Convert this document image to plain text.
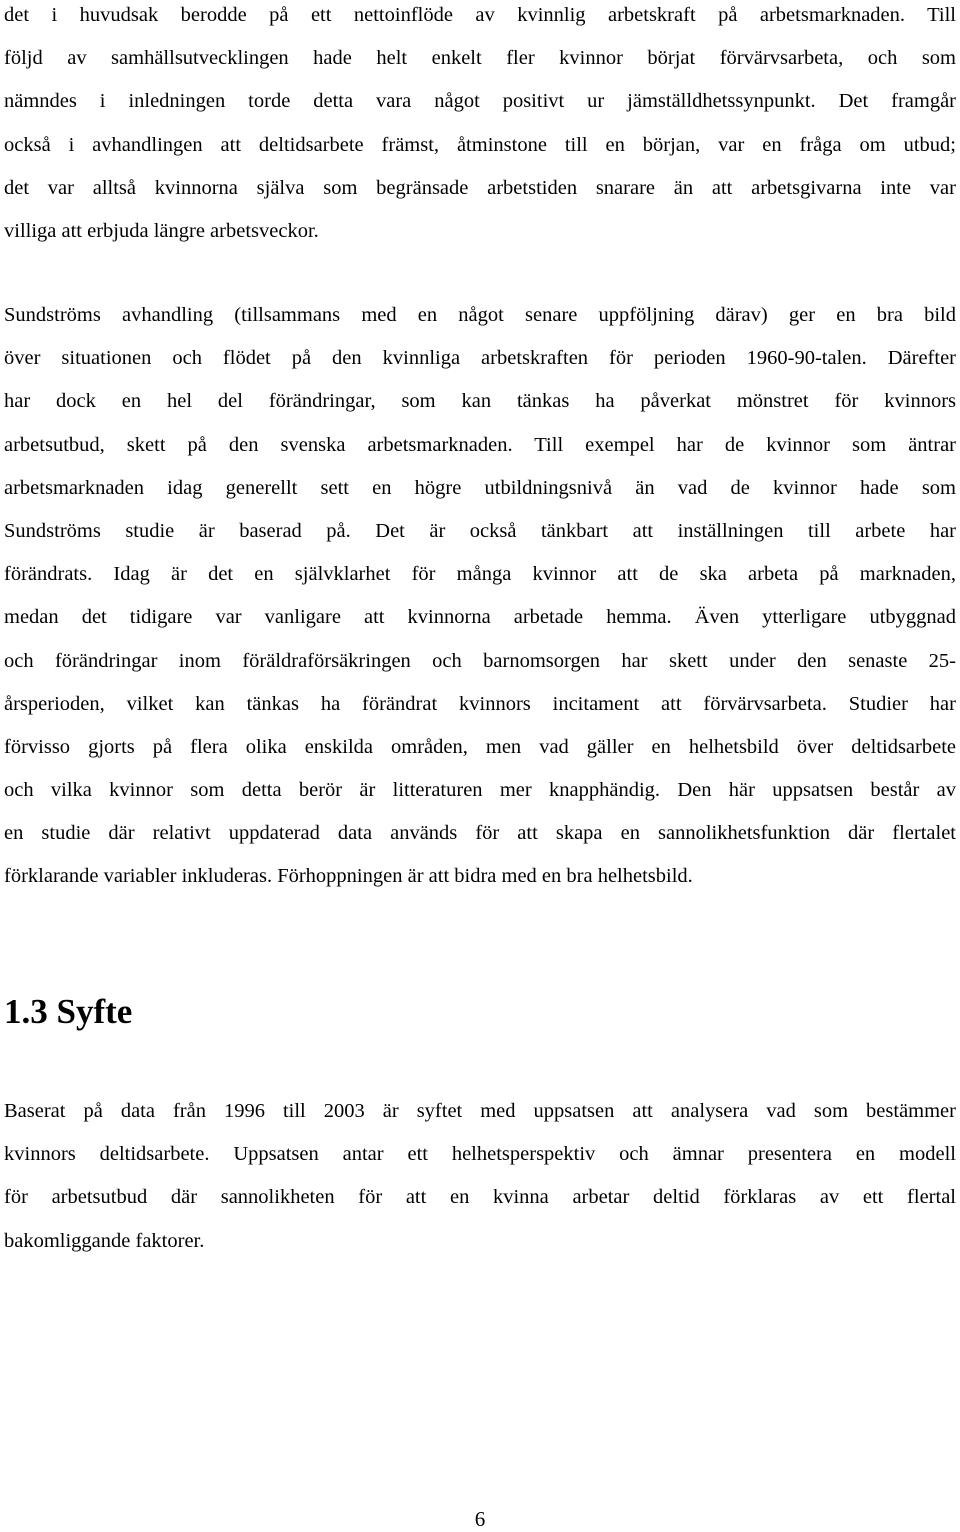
det i huvudsak berodde på ett nettoinflöde av kvinnlig arbetskraft på arbetsmarknaden. Till
följd av samhällsutvecklingen hade helt enkelt fler kvinnor börjat förvärvsarbeta, och som
nämndes i inledningen torde detta vara något positivt ur jämställdhetssynpunkt. Det framgår
också i avhandlingen att deltidsarbete främst, åtminstone till en början, var en fråga om utbud;
det var alltså kvinnorna själva som begränsade arbetstiden snarare än att arbetsgivarna inte var
villiga att erbjuda längre arbetsveckor.
Sundströms avhandling (tillsammans med en något senare uppföljning därav) ger en bra bild
över situationen och flödet på den kvinnliga arbetskraften för perioden 1960-90-talen. Därefter
har dock en hel del förändringar, som kan tänkas ha påverkat mönstret för kvinnors
arbetsutbud, skett på den svenska arbetsmarknaden. Till exempel har de kvinnor som äntrar
arbetsmarknaden idag generellt sett en högre utbildningsnivå än vad de kvinnor hade som
Sundströms studie är baserad på. Det är också tänkbart att inställningen till arbete har
förändrats. Idag är det en självklarhet för många kvinnor att de ska arbeta på marknaden,
medan det tidigare var vanligare att kvinnorna arbetade hemma. Även ytterligare utbyggnad
och förändringar inom föräldraförsäkringen och barnomsorgen har skett under den senaste 25-
årsperioden, vilket kan tänkas ha förändrat kvinnors incitament att förvärvsarbeta. Studier har
förvisso gjorts på flera olika enskilda områden, men vad gäller en helhetsbild över deltidsarbete
och vilka kvinnor som detta berör är litteraturen mer knapphändig. Den här uppsatsen består av
en studie där relativt uppdaterad data används för att skapa en sannolikhetsfunktion där flertalet
förklarande variabler inkluderas. Förhoppningen är att bidra med en bra helhetsbild.
1.3 Syfte
Baserat på data från 1996 till 2003 är syftet med uppsatsen att analysera vad som bestämmer
kvinnors deltidsarbete. Uppsatsen antar ett helhetsperspektiv och ämnar presentera en modell
för arbetsutbud där sannolikheten för att en kvinna arbetar deltid förklaras av ett flertal
bakomliggande faktorer.

6
